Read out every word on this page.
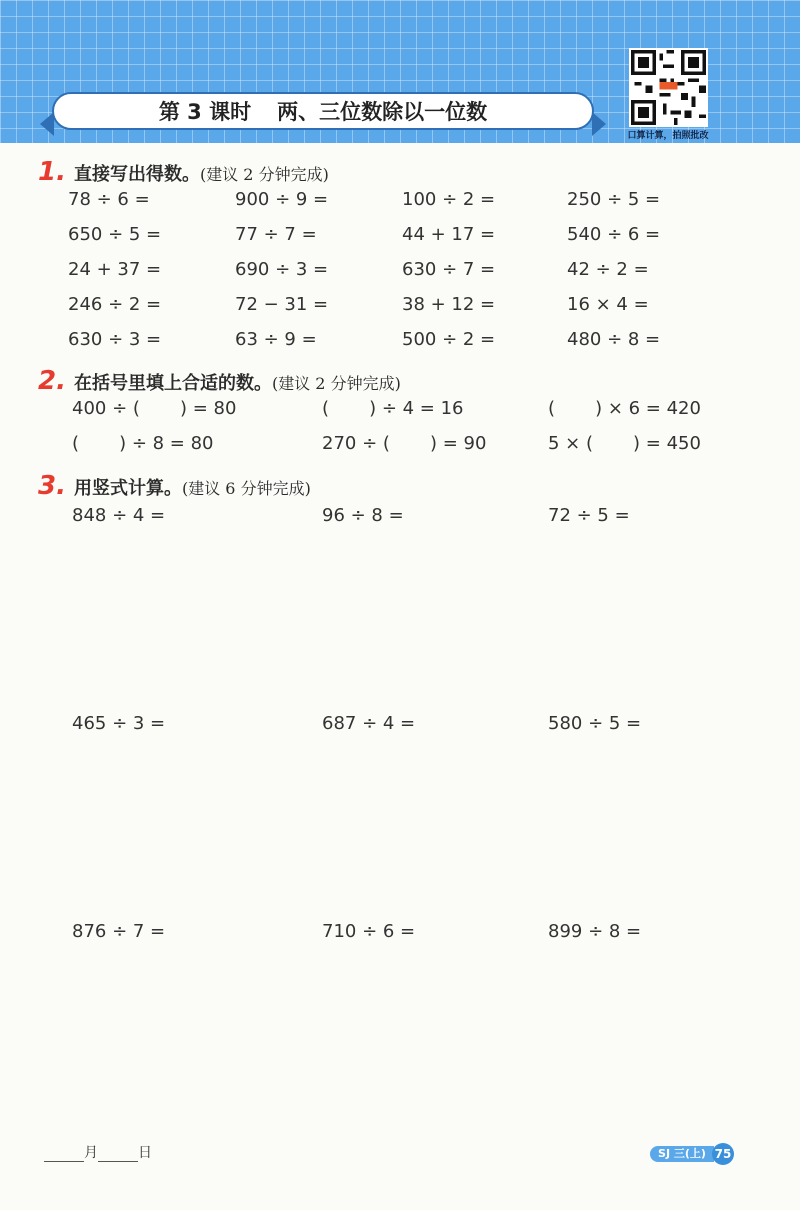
第 3 课时 两、三位数除以一位数
口算计算，拍照批改
1. 直接写出得数。 (建议 2 分钟完成)
78 ÷ 6 =	900 ÷ 9 =	100 ÷ 2 =	250 ÷ 5 =
650 ÷ 5 =	77 ÷ 7 =	44 + 17 =	540 ÷ 6 =
24 + 37 =	690 ÷ 3 =	630 ÷ 7 =	42 ÷ 2 =
246 ÷ 2 =	72 − 31 =	38 + 12 =	16 × 4 =
630 ÷ 3 =	63 ÷ 9 =	500 ÷ 2 =	480 ÷ 8 =
2. 在括号里填上合适的数。 (建议 2 分钟完成)
400 ÷ (       ) = 80	(       ) ÷ 4 = 16	(       ) × 6 = 420
(       ) ÷ 8 = 80	270 ÷ (       ) = 90	5 × (       ) = 450
3. 用竖式计算。 (建议 6 分钟完成)
848 ÷ 4 =	96 ÷ 8 =	72 ÷ 5 =
465 ÷ 3 =	687 ÷ 4 =	580 ÷ 5 =
876 ÷ 7 =	710 ÷ 6 =	899 ÷ 8 =
月	日	SJ 三(上) 75
